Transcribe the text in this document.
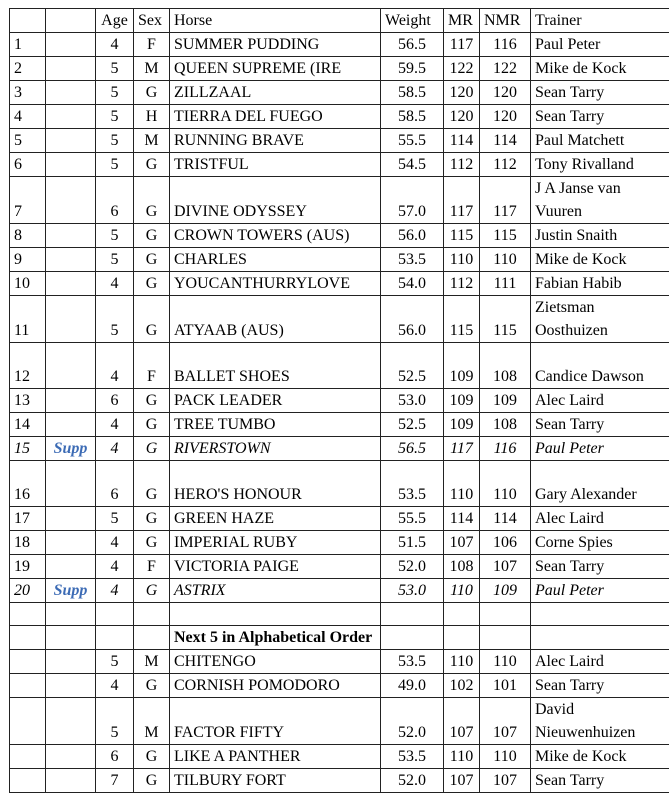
		Age	Sex	Horse	Weight	MR	NMR	Trainer
1		4	F	SUMMER PUDDING	56.5	117	116	Paul Peter
2		5	M	QUEEN SUPREME (IRE	59.5	122	122	Mike de Kock
3		5	G	ZILLZAAL	58.5	120	120	Sean Tarry
4		5	H	TIERRA DEL FUEGO	58.5	120	120	Sean Tarry
5		5	M	RUNNING BRAVE	55.5	114	114	Paul Matchett
6		5	G	TRISTFUL	54.5	112	112	Tony Rivalland
7		6	G	DIVINE ODYSSEY	57.0	117	117	J A Janse van Vuuren
8		5	G	CROWN TOWERS (AUS)	56.0	115	115	Justin Snaith
9		5	G	CHARLES	53.5	110	110	Mike de Kock
10		4	G	YOUCANTHURRYLOVE	54.0	112	111	Fabian Habib
11		5	G	ATYAAB (AUS)	56.0	115	115	Zietsman Oosthuizen
12		4	F	BALLET SHOES	52.5	109	108	Candice Dawson
13		6	G	PACK LEADER	53.0	109	109	Alec Laird
14		4	G	TREE TUMBO	52.5	109	108	Sean Tarry
15	Supp	4	G	RIVERSTOWN	56.5	117	116	Paul Peter
16		6	G	HERO'S HONOUR	53.5	110	110	Gary Alexander
17		5	G	GREEN HAZE	55.5	114	114	Alec Laird
18		4	G	IMPERIAL RUBY	51.5	107	106	Corne Spies
19		4	F	VICTORIA PAIGE	52.0	108	107	Sean Tarry
20	Supp	4	G	ASTRIX	53.0	110	109	Paul Peter

				Next 5 in Alphabetical Order				
		5	M	CHITENGO	53.5	110	110	Alec Laird
		4	G	CORNISH POMODORO	49.0	102	101	Sean Tarry
		5	M	FACTOR FIFTY	52.0	107	107	David Nieuwenhuizen
		6	G	LIKE A PANTHER	53.5	110	110	Mike de Kock
		7	G	TILBURY FORT	52.0	107	107	Sean Tarry
